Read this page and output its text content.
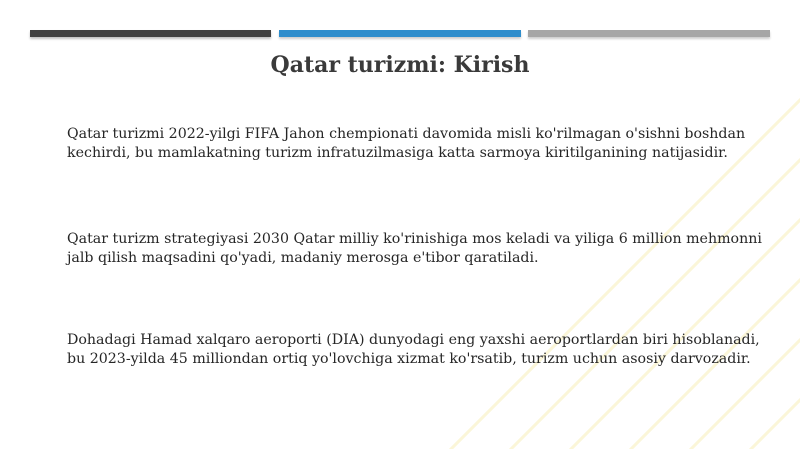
Qatar turizmi: Kirish

Qatar turizmi 2022-yilgi FIFA Jahon chempionati davomida misli ko'rilmagan o'sishni boshdan kechirdi, bu mamlakatning turizm infratuzilmasiga katta sarmoya kiritilganining natijasidir.

Qatar turizm strategiyasi 2030 Qatar milliy ko'rinishiga mos keladi va yiliga 6 million mehmonni jalb qilish maqsadini qo'yadi, madaniy merosga e'tibor qaratiladi.

Dohadagi Hamad xalqaro aeroporti (DIA) dunyodagi eng yaxshi aeroportlardan biri hisoblanadi, bu 2023-yilda 45 milliondan ortiq yo'lovchiga xizmat ko'rsatib, turizm uchun asosiy darvozadir.
